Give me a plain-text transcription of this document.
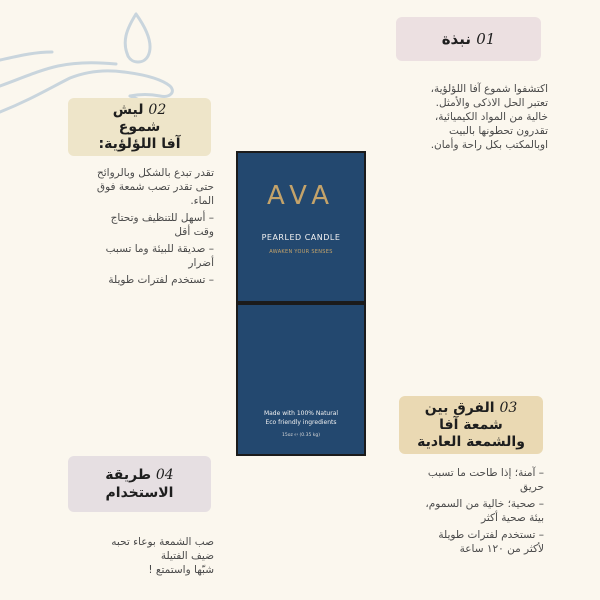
01 نبذة
اكتشفوا شموع آفا اللؤلؤية،
تعتبر الحل الاذكى والأمثل.
خالية من المواد الكيميائية،
تقدرون تحطونها بالبيت
اوبالمكتب بكل راحة وأمان.
02 ليش
شموع
آفا اللؤلؤية:
تقدر تبدع بالشكل وبالروائح
حتى تقدر تصب شمعة فوق

الماء.

– أسهل للتنظيف وتحتاج

وقت أقل

– صديقة للبيئة وما تسبب

أضرار

– تستخدم لفترات طويلة
AVA
PEARLED CANDLE
AWAKEN YOUR SENSES
Made with 100% Natural
Eco friendly ingredients
15oz ℮ (0.35 kg)
03 الفرق بين
شمعة آفا
والشمعة العادية
– آمنة؛ إذا طاحت ما تسبب

حريق

– صحية؛ خالية من السموم،

بيئة صحية أكثر

– تستخدم لفترات طويلة
لأكثر من ١٢٠ ساعة
04 طريقة
الاستخدام
صب الشمعة بوعاء تحبه
ضيف الفتيلة
شبّها واستمتع !
